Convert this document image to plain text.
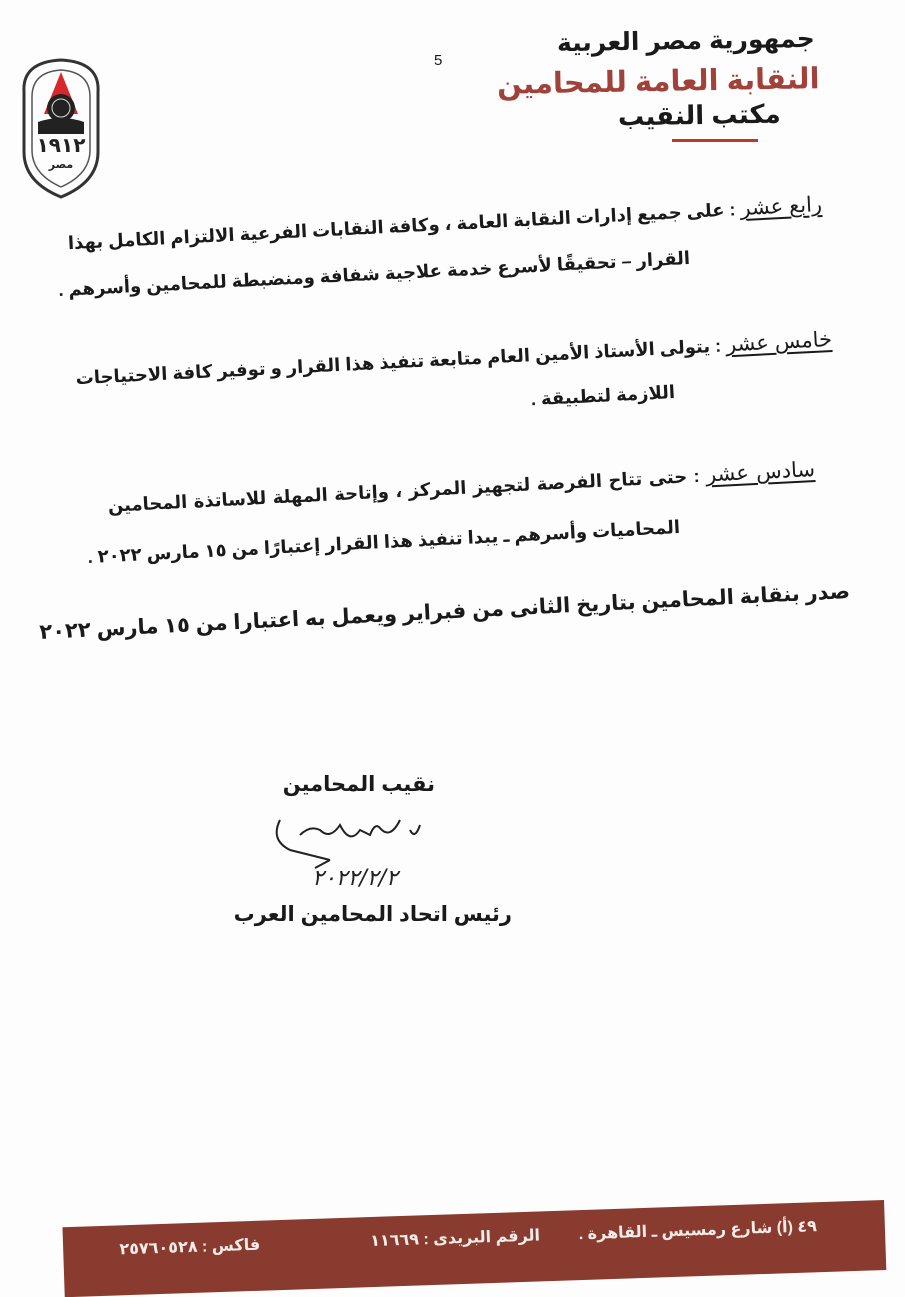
١٩١٢
مصر
5
جمهورية مصر العربية
النقابة العامة للمحامين
مكتب النقيب
رابع عشر : على جميع إدارات النقابة العامة ، وكافة النقابات الفرعية الالتزام الكامل بهذا
القرار – تحقيقًا لأسرع خدمة علاجية شفافة ومنضبطة للمحامين وأسرهم .
خامس عشر : يتولى الأستاذ الأمين العام متابعة تنفيذ هذا القرار و توفير كافة الاحتياجات
اللازمة لتطبيقة .
سادس عشر : حتى تتاح الفرصة لتجهيز المركز ، وإتاحة المهلة للاساتذة المحامين
المحاميات وأسرهم ـ يبدا تنفيذ هذا القرار إعتبارًا من ١٥ مارس ٢٠٢٢ .
صدر بنقابة المحامين بتاريخ الثانى من فبراير ويعمل به اعتبارا من ١٥ مارس ٢٠٢٢
نقيب المحامين
٢٠٢٢/٢/٢
رئيس اتحاد المحامين العرب
٤٩ (أ) شارع رمسيس ـ القاهرة .
الرقم البريدى : ١١٦٦٩
فاكس : ٢٥٧٦٠٥٢٨
